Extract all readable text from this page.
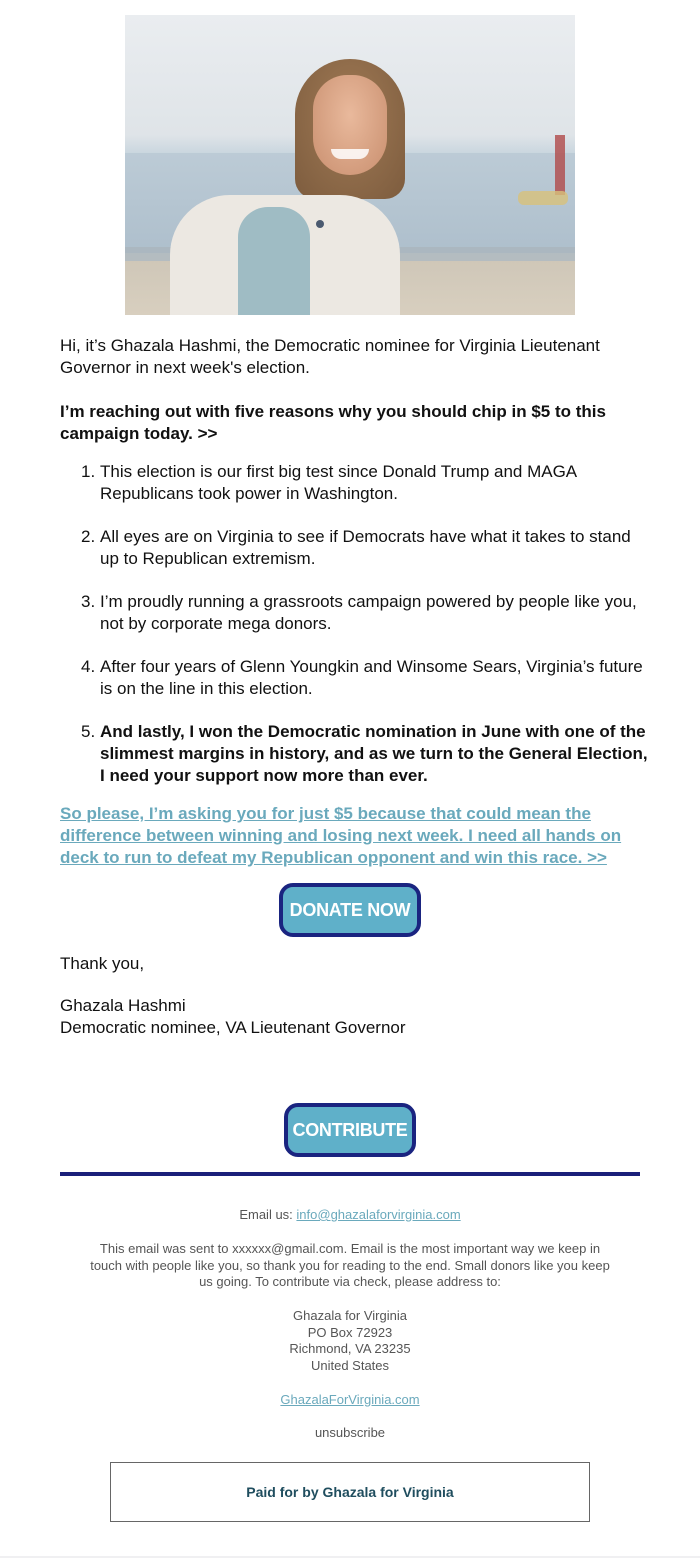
Hi, it’s Ghazala Hashmi, the Democratic nominee for Virginia Lieutenant Governor in next week's election.
I’m reaching out with five reasons why you should chip in $5 to this campaign today. >>
1. This election is our first big test since Donald Trump and MAGA Republicans took power in Washington.
2. All eyes are on Virginia to see if Democrats have what it takes to stand up to Republican extremism.
3. I’m proudly running a grassroots campaign powered by people like you, not by corporate mega donors.
4. After four years of Glenn Youngkin and Winsome Sears, Virginia’s future is on the line in this election.
5. And lastly, I won the Democratic nomination in June with one of the slimmest margins in history, and as we turn to the General Election, I need your support now more than ever.
So please, I’m asking you for just $5 because that could mean the difference between winning and losing next week. I need all hands on deck to run to defeat my Republican opponent and win this race. >>
DONATE NOW
Thank you,
Ghazala Hashmi
Democratic nominee, VA Lieutenant Governor
CONTRIBUTE
Email us: info@ghazalaforvirginia.com
This email was sent to xxxxxx@gmail.com. Email is the most important way we keep in touch with people like you, so thank you for reading to the end. Small donors like you keep us going. To contribute via check, please address to:
Ghazala for Virginia
PO Box 72923
Richmond, VA 23235
United States
GhazalaForVirginia.com
unsubscribe
Paid for by Ghazala for Virginia
